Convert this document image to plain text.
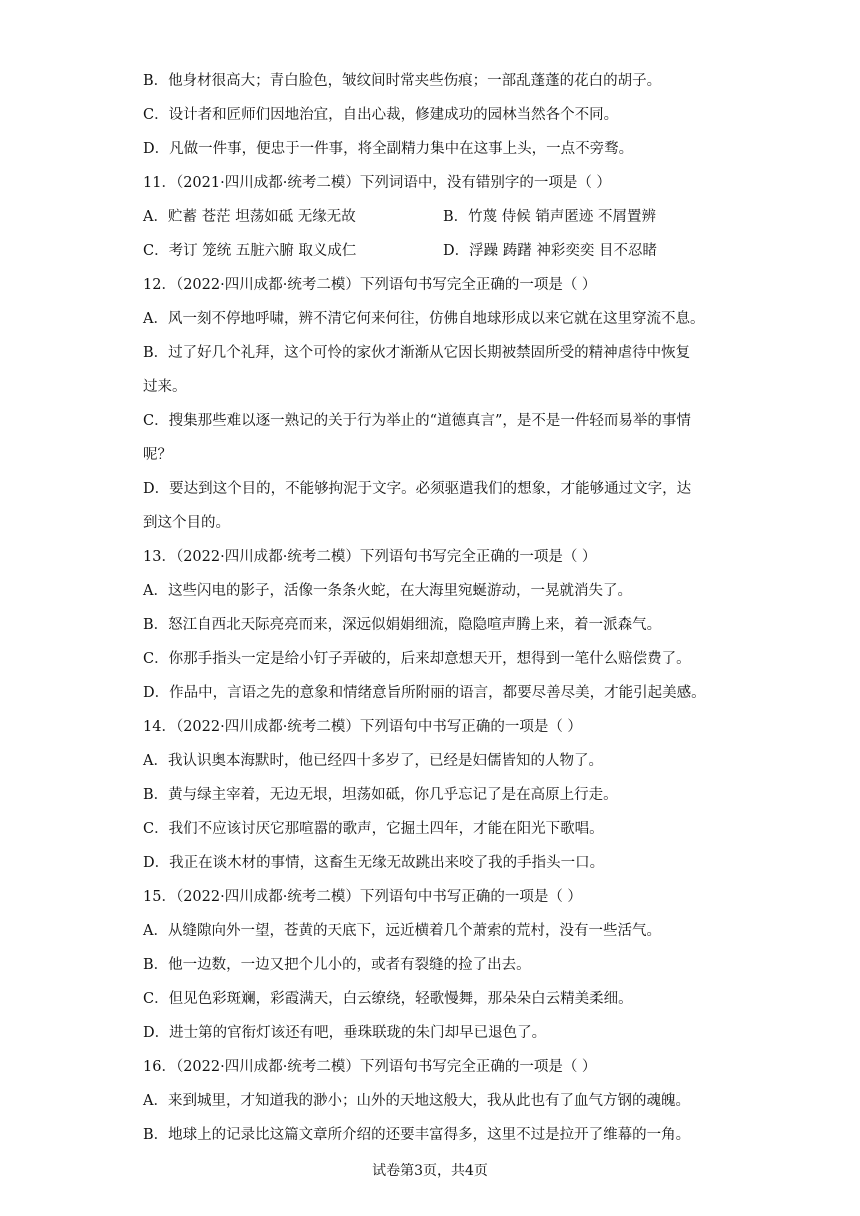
B．他身材很高大；青白脸色，皱纹间时常夹些伤痕；一部乱蓬蓬的花白的胡子。
C．设计者和匠师们因地治宜，自出心裁，修建成功的园林当然各个不同。
D．凡做一件事，便忠于一件事，将全副精力集中在这事上头，一点不旁骛。
11．（2021·四川成都·统考二模）下列词语中，没有错别字的一项是（ ）
A．贮蓄 苍茫 坦荡如砥 无缘无故	B．竹蔑 侍候 销声匿迹 不屑置辨
C．考订 笼统 五脏六腑 取义成仁	D．浮躁 踌躇 神彩奕奕 目不忍睹
12．（2022·四川成都·统考二模）下列语句书写完全正确的一项是（ ）
A．风一刻不停地呼啸，辨不清它何来何往，仿佛自地球形成以来它就在这里穿流不息。
B．过了好几个礼拜，这个可怜的家伙才渐渐从它因长期被禁固所受的精神虐待中恢复
过来。
C．搜集那些难以逐一熟记的关于行为举止的“道德真言”，是不是一件轻而易举的事情
呢？
D．要达到这个目的，不能够拘泥于文字。必须驱遣我们的想象，才能够通过文字，达
到这个目的。
13．（2022·四川成都·统考二模）下列语句书写完全正确的一项是（ ）
A．这些闪电的影子，活像一条条火蛇，在大海里宛蜒游动，一晃就消失了。
B．怒江自西北天际亮亮而来，深远似娟娟细流，隐隐喧声腾上来，着一派森气。
C．你那手指头一定是给小钉子弄破的，后来却意想天开，想得到一笔什么赔偿费了。
D．作品中，言语之先的意象和情绪意旨所附丽的语言，都要尽善尽美，才能引起美感。
14．（2022·四川成都·统考二模）下列语句中书写正确的一项是（ ）
A．我认识奥本海默时，他已经四十多岁了，已经是妇儒皆知的人物了。
B．黄与绿主宰着，无边无垠，坦荡如砥，你几乎忘记了是在高原上行走。
C．我们不应该讨厌它那喧嚣的歌声，它掘土四年，才能在阳光下歌唱。
D．我正在谈木材的事情，这畜生无缘无故跳出来咬了我的手指头一口。
15．（2022·四川成都·统考二模）下列语句中书写正确的一项是（ ）
A．从缝隙向外一望，苍黄的天底下，远近横着几个萧索的荒村，没有一些活气。
B．他一边数，一边又把个儿小的，或者有裂缝的捡了出去。
C．但见色彩斑斓，彩霞满天，白云缭绕，轻歌慢舞，那朵朵白云精美柔细。
D．进士第的官衔灯该还有吧，垂珠联珑的朱门却早已退色了。
16．（2022·四川成都·统考二模）下列语句书写完全正确的一项是（ ）
A．来到城里，才知道我的渺小；山外的天地这般大，我从此也有了血气方钢的魂魄。
B．地球上的记录比这篇文章所介绍的还要丰富得多，这里不过是拉开了维幕的一角。
试卷第3页，共4页
